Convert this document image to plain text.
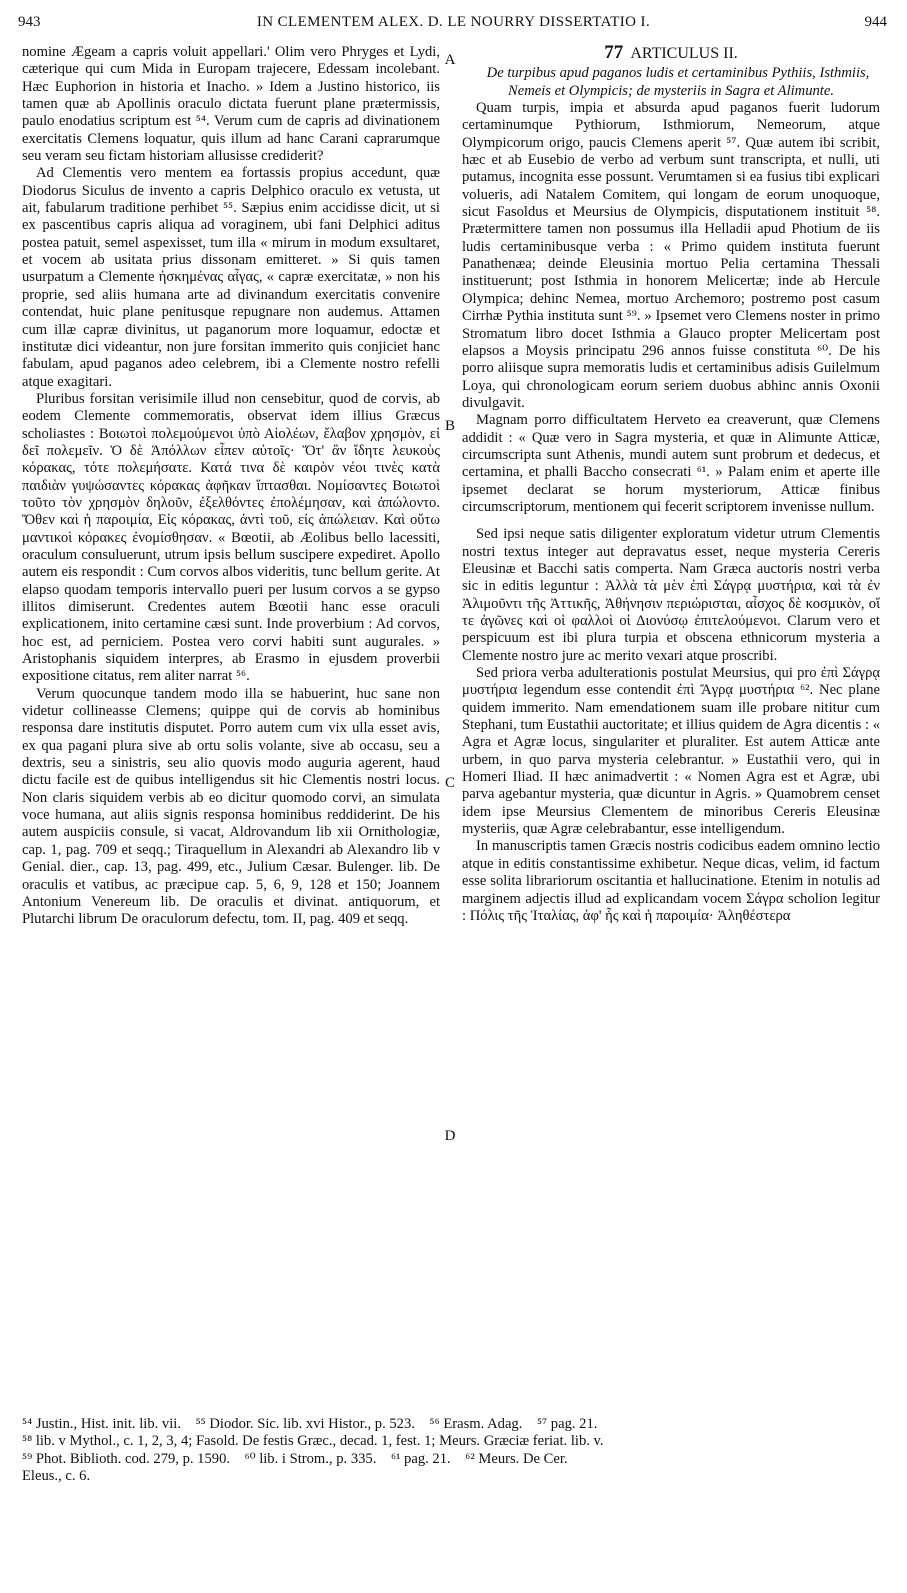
943	IN CLEMENTEM ALEX. D. LE NOURRY DISSERTATIO I.	944
A
B
C
D

nomine Ægeam a capris voluit appellari.' Olim vero Phryges et Lydi, cæterique qui cum Mida in Europam trajecere, Edessam incolebant. Hæc Euphorion in historia et Inacho. » Idem a Justino historico, iis tamen quæ ab Apollinis oraculo dictata fuerunt plane prætermissis, paulo enodatius scriptum est ⁵⁴. Verum cum de capris ad divinationem exercitatis Clemens loquatur, quis illum ad hanc Carani caprarumque seu veram seu fictam historiam allusisse crediderit?

Ad Clementis vero mentem ea fortassis propius accedunt, quæ Diodorus Siculus de invento a capris Delphico oraculo ex vetusta, ut ait, fabularum traditione perhibet ⁵⁵. Sæpius enim accidisse dicit, ut si ex pascentibus capris aliqua ad voraginem, ubi fani Delphici aditus postea patuit, semel aspexisset, tum illa « mirum in modum exsultaret, et vocem ab usitata prius dissonam emitteret. » Si quis tamen usurpatum a Clemente ἠσκημένας αἶγας, « capræ exercitatæ, » non his proprie, sed aliis humana arte ad divinandum exercitatis convenire contendat, huic plane penitusque repugnare non audemus. Attamen cum illæ capræ divinitus, ut paganorum more loquamur, edoctæ et institutæ dici videantur, non jure forsitan immerito quis conjiciet hanc fabulam, apud paganos adeo celebrem, ibi a Clemente nostro refelli atque exagitari.

Pluribus forsitan verisimile illud non censebitur, quod de corvis, ab eodem Clemente commemoratis, observat idem illius Græcus scholiastes : Βοιωτοὶ πολεμούμενοι ὑπὸ Αἰολέων, ἔλαβον χρησμὸν, εἰ δεῖ πολεμεῖν. Ὁ δὲ Ἀπόλλων εἶπεν αὐτοῖς· Ὅτ' ἂν ἴδητε λευκοὺς κόρακας, τότε πολεμήσατε. Κατά τινα δὲ καιρὸν νέοι τινὲς κατὰ παιδιὰν γυψώσαντες κόρακας ἀφῆκαν ἵπτασθαι. Νομίσαντες Βοιωτοὶ τοῦτο τὸν χρησμὸν δηλοῦν, ἐξελθόντες ἐπολέμησαν, καὶ ἀπώλοντο. Ὅθεν καὶ ἡ παροιμία, Εἰς κόρακας, ἀντὶ τοῦ, εἰς ἀπώλειαν. Καὶ οὕτω μαντικοὶ κόρακες ἐνομίσθησαν. « Bœotii, ab Æolibus bello lacessiti, oraculum consuluerunt, utrum ipsis bellum suscipere expediret. Apollo autem eis respondit : Cum corvos albos videritis, tunc bellum gerite. At elapso quodam temporis intervallo pueri per lusum corvos a se gypso illitos dimiserunt. Credentes autem Bœotii hanc esse oraculi explicationem, inito certamine cæsi sunt. Inde proverbium : Ad corvos, hoc est, ad perniciem. Postea vero corvi habiti sunt augurales. » Aristophanis siquidem interpres, ab Erasmo in ejusdem proverbii expositione citatus, rem aliter narrat ⁵⁶.

Verum quocunque tandem modo illa se habuerint, huc sane non videtur collineasse Clemens; quippe qui de corvis ab hominibus responsa dare institutis disputet. Porro autem cum vix ulla esset avis, ex qua pagani plura sive ab ortu solis volante, sive ab occasu, seu a dextris, seu a sinistris, seu alio quovis modo auguria agerent, haud dictu facile est de quibus intelligendus sit hic Clementis nostri locus. Non claris siquidem verbis ab eo dicitur quomodo corvi, an simulata voce humana, aut aliis signis responsa hominibus reddiderint. De his autem auspiciis consule, si vacat, Aldrovandum lib xii Ornithologiæ, cap. 1, pag. 709 et seqq.; Tiraquellum in Alexandri ab Alexandro lib v Genial. dier., cap. 13, pag. 499, etc., Julium Cæsar. Bulenger. lib. De oraculis et vatibus, ac præcipue cap. 5, 6, 9, 128 et 150; Joannem Antonium Venereum lib. De oraculis et divinat. antiquorum, et Plutarchi librum De oraculorum defectu, tom. II, pag. 409 et seqq.

77 ARTICULUS II.

De turpibus apud paganos ludis et certaminibus Pythiis, Isthmiis, Nemeis et Olympicis; de mysteriis in Sagra et Alimunte.

Quam turpis, impia et absurda apud paganos fuerit ludorum certaminumque Pythiorum, Isthmiorum, Nemeorum, atque Olympicorum origo, paucis Clemens aperit ⁵⁷. Quæ autem ibi scribit, hæc et ab Eusebio de verbo ad verbum sunt transcripta, et nulli, uti putamus, incognita esse possunt. Verumtamen si ea fusius tibi explicari volueris, adi Natalem Comitem, qui longam de eorum unoquoque, sicut Fasoldus et Meursius de Olympicis, disputationem instituit ⁵⁸. Prætermittere tamen non possumus illa Helladii apud Photium de iis ludis certaminibusque verba : « Primo quidem instituta fuerunt Panathenæa; deinde Eleusinia mortuo Pelia certamina Thessali instituerunt; post Isthmia in honorem Melicertæ; inde ab Hercule Olympica; dehinc Nemea, mortuo Archemoro; postremo post casum Cirrhæ Pythia instituta sunt ⁵⁹. » Ipsemet vero Clemens noster in primo Stromatum libro docet Isthmia a Glauco propter Melicertam post elapsos a Moysis principatu 296 annos fuisse constituta ⁶⁰. De his porro aliisque supra memoratis ludis et certaminibus adisis Guilelmum Loya, qui chronologicam eorum seriem duobus abhinc annis Oxonii divulgavit.

Magnam porro difficultatem Herveto ea creaverunt, quæ Clemens addidit : « Quæ vero in Sagra mysteria, et quæ in Alimunte Atticæ, circumscripta sunt Athenis, mundi autem sunt probrum et dedecus, et certamina, et phalli Baccho consecrati ⁶¹. » Palam enim et aperte ille ipsemet declarat se horum mysteriorum, Atticæ finibus circumscriptorum, mentionem qui fecerit scriptorem invenisse nullum.

Sed ipsi neque satis diligenter exploratum videtur utrum Clementis nostri textus integer aut depravatus esset, neque mysteria Cereris Eleusinæ et Bacchi satis comperta. Nam Græca auctoris nostri verba sic in editis leguntur : Ἀλλὰ τὰ μὲν ἐπὶ Σάγρᾳ μυστήρια, καὶ τὰ ἐν Ἀλιμοῦντι τῆς Ἀττικῆς, Ἀθήνησιν περιώρισται, αἶσχος δὲ κοσμικὸν, οἵ τε ἀγῶνες καὶ οἱ φαλλοὶ οἱ Διονύσῳ ἐπιτελούμενοι. Clarum vero et perspicuum est ibi plura turpia et obscena ethnicorum mysteria a Clemente nostro jure ac merito vexari atque proscribi.

Sed priora verba adulterationis postulat Meursius, qui pro ἐπὶ Σάγρᾳ μυστήρια legendum esse contendit ἐπὶ Ἄγρᾳ μυστήρια ⁶². Nec plane quidem immerito. Nam emendationem suam ille probare nititur cum Stephani, tum Eustathii auctoritate; et illius quidem de Agra dicentis : « Agra et Agræ locus, singulariter et pluraliter. Est autem Atticæ ante urbem, in quo parva mysteria celebrantur. » Eustathii vero, qui in Homeri Iliad. II hæc animadvertit : « Nomen Agra est et Agræ, ubi parva agebantur mysteria, quæ dicuntur in Agris. » Quamobrem censet idem ipse Meursius Clementem de minoribus Cereris Eleusinæ mysteriis, quæ Agræ celebrabantur, esse intelligendum.

In manuscriptis tamen Græcis nostris codicibus eadem omnino lectio atque in editis constantissime exhibetur. Neque dicas, velim, id factum esse solita librariorum oscitantia et hallucinatione. Etenim in notulis ad marginem adjectis illud ad explicandam vocem Σάγρα scholion legitur : Πόλις τῆς Ἰταλίας, ἀφ' ἧς καὶ ἡ παροιμία· Ἀληθέστερα

⁵⁴ Justin., Hist. init. lib. vii.    ⁵⁵ Diodor. Sic. lib. xvi Histor., p. 523.    ⁵⁶ Erasm. Adag.    ⁵⁷ pag. 21.

⁵⁸ lib. v Mythol., c. 1, 2, 3, 4; Fasold. De festis Græc., decad. 1, fest. 1; Meurs. Græciæ feriat. lib. v.

⁵⁹ Phot. Biblioth. cod. 279, p. 1590.    ⁶⁰ lib. i Strom., p. 335.    ⁶¹ pag. 21.    ⁶² Meurs. De Cer.

Eleus., c. 6.
